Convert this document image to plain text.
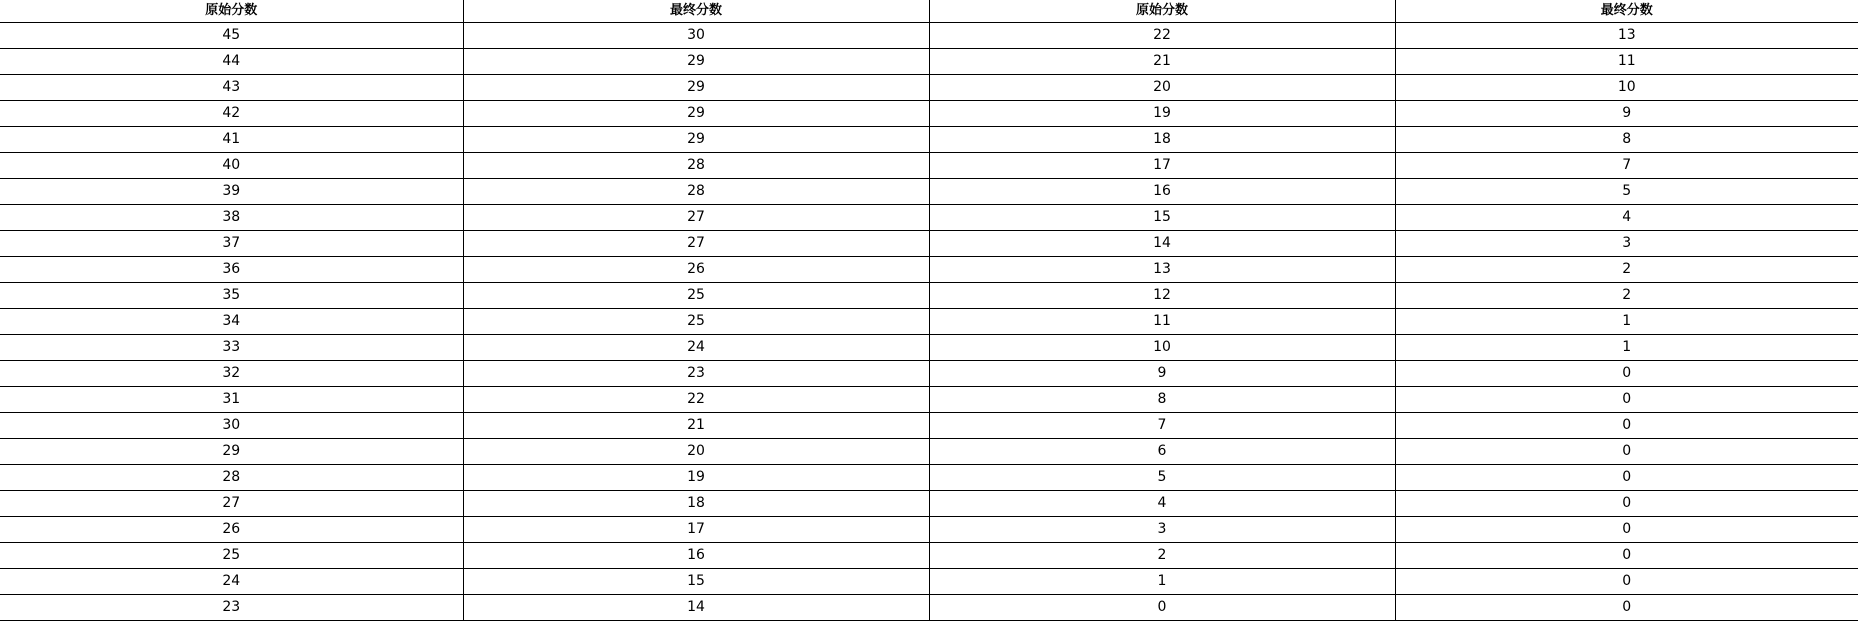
原始分数	最终分数	原始分数	最终分数
45	30	22	13
44	29	21	11
43	29	20	10
42	29	19	9
41	29	18	8
40	28	17	7
39	28	16	5
38	27	15	4
37	27	14	3
36	26	13	2
35	25	12	2
34	25	11	1
33	24	10	1
32	23	9	0
31	22	8	0
30	21	7	0
29	20	6	0
28	19	5	0
27	18	4	0
26	17	3	0
25	16	2	0
24	15	1	0
23	14	0	0
